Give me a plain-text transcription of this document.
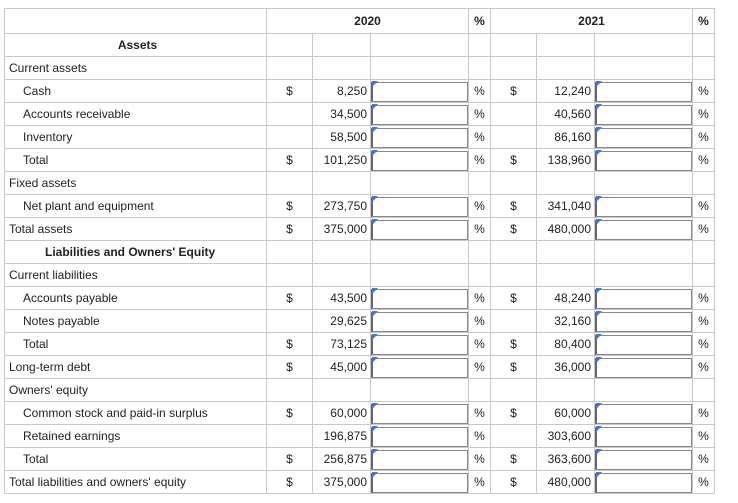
	2020			%	2021			%
Assets								
Current assets								
Cash	$	8,250		%	$	12,240		%
Accounts receivable		34,500		%		40,560		%
Inventory		58,500		%		86,160		%
Total	$	101,250		%	$	138,960		%
Fixed assets								
Net plant and equipment	$	273,750		%	$	341,040		%
Total assets	$	375,000		%	$	480,000		%
Liabilities and Owners' Equity								
Current liabilities								
Accounts payable	$	43,500		%	$	48,240		%
Notes payable		29,625		%		32,160		%
Total	$	73,125		%	$	80,400		%
Long-term debt	$	45,000		%	$	36,000		%
Owners' equity								
Common stock and paid-in surplus	$	60,000		%	$	60,000		%
Retained earnings		196,875		%		303,600		%
Total	$	256,875		%	$	363,600		%
Total liabilities and owners' equity	$	375,000		%	$	480,000		%
